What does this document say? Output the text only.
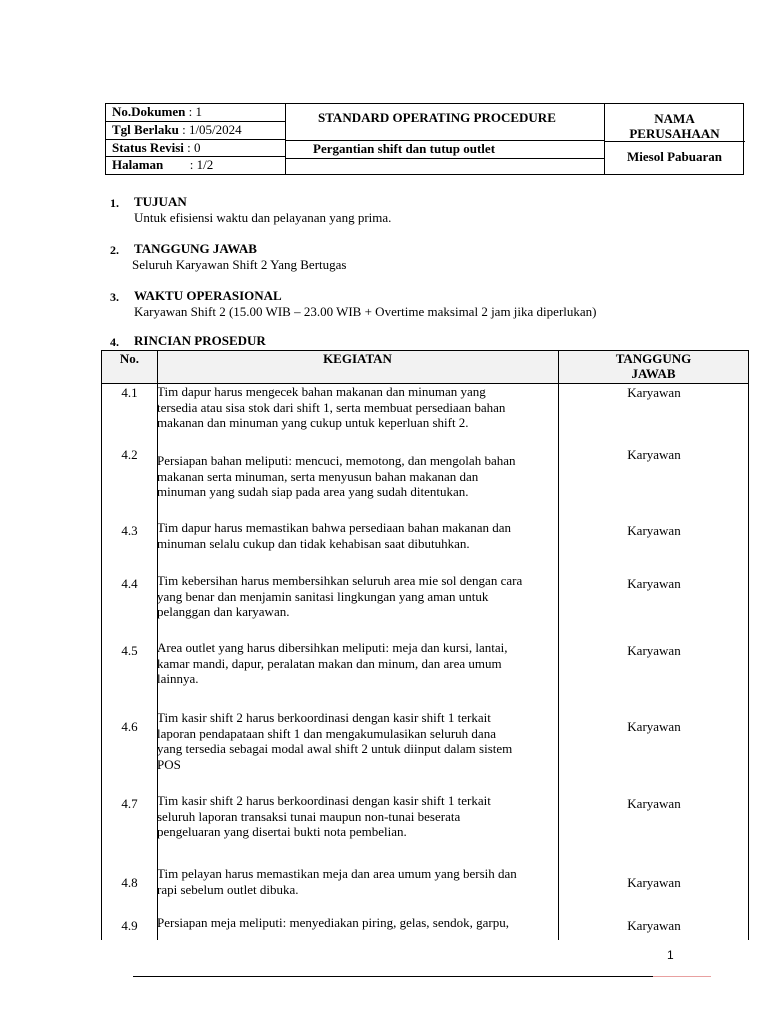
No.Dokumen : 1
Tgl Berlaku : 1/05/2024
Status Revisi : 0
Halaman : 1/2
STANDARD OPERATING PROCEDURE
Pergantian shift dan tutup outlet
NAMA
PERUSAHAAN
Miesol Pabuaran
1. TUJUAN
Untuk efisiensi waktu dan pelayanan yang prima.
2. TANGGUNG JAWAB
Seluruh Karyawan Shift 2 Yang Bertugas
3. WAKTU OPERASIONAL
Karyawan Shift 2 (15.00 WIB – 23.00 WIB + Overtime maksimal 2 jam jika diperlukan)
4. RINCIAN PROSEDUR
No.	KEGIATAN	TANGGUNG
JAWAB
4.1	Tim dapur harus mengecek bahan makanan dan minuman yang
tersedia atau sisa stok dari shift 1, serta membuat persediaan bahan
makanan dan minuman yang cukup untuk keperluan shift 2.
Karyawan
4.2	Persiapan bahan meliputi: mencuci, memotong, dan mengolah bahan
makanan serta minuman, serta menyusun bahan makanan dan
minuman yang sudah siap pada area yang sudah ditentukan.
Karyawan
4.3	Tim dapur harus memastikan bahwa persediaan bahan makanan dan
minuman selalu cukup dan tidak kehabisan saat dibutuhkan.
Karyawan
4.4	Tim kebersihan harus membersihkan seluruh area mie sol dengan cara
yang benar dan menjamin sanitasi lingkungan yang aman untuk
pelanggan dan karyawan.
Karyawan
4.5	Area outlet yang harus dibersihkan meliputi: meja dan kursi, lantai,
kamar mandi, dapur, peralatan makan dan minum, dan area umum
lainnya.
Karyawan
4.6
Tim kasir shift 2 harus berkoordinasi dengan kasir shift 1 terkait
laporan pendapataan shift 1 dan mengakumulasikan seluruh dana
yang tersedia sebagai modal awal shift 2 untuk diinput dalam sistem
POS
Karyawan
4.7	Tim kasir shift 2 harus berkoordinasi dengan kasir shift 1 terkait
seluruh laporan transaksi tunai maupun non-tunai beserata
pengeluaran yang disertai bukti nota pembelian.
Karyawan
4.8
Tim pelayan harus memastikan meja dan area umum yang bersih dan
rapi sebelum outlet dibuka.	Karyawan
4.9	Persiapan meja meliputi: menyediakan piring, gelas, sendok, garpu,	Karyawan
1
